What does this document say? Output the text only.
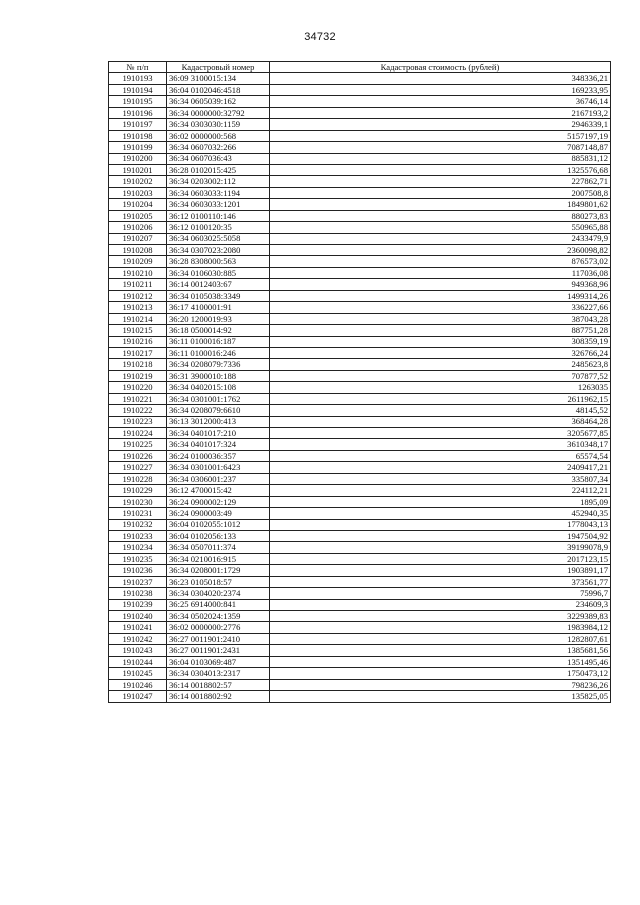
34732
№ п/п	Кадастровый номер	Кадастровая стоимость (рублей)
1910193	36:09 3100015:134	348336,21
1910194	36:04 0102046:4518	169233,95
1910195	36:34 0605039:162	36746,14
1910196	36:34 0000000:32792	2167193,2
1910197	36:34 0303030:1159	2946339,1
1910198	36:02 0000000:568	5157197,19
1910199	36:34 0607032:266	7087148,87
1910200	36:34 0607036:43	885831,12
1910201	36:28 0102015:425	1325576,68
1910202	36:34 0203002:112	227862,71
1910203	36:34 0603033:1194	2007508,8
1910204	36:34 0603033:1201	1849801,62
1910205	36:12 0100110:146	880273,83
1910206	36:12 0100120:35	550965,88
1910207	36:34 0603025:5058	2433479,9
1910208	36:34 0307023:2080	2360098,82
1910209	36:28 8308000:563	876573,02
1910210	36:34 0106030:885	117036,08
1910211	36:14 0012403:67	949368,96
1910212	36:34 0105038:3349	1499314,26
1910213	36:17 4100001:91	336227,66
1910214	36:20 1200019:93	387043,28
1910215	36:18 0500014:92	887751,28
1910216	36:11 0100016:187	308359,19
1910217	36:11 0100016:246	326766,24
1910218	36:34 0208079:7336	2485623,8
1910219	36:31 3900010:188	707877,52
1910220	36:34 0402015:108	1263035
1910221	36:34 0301001:1762	2611962,15
1910222	36:34 0208079:6610	48145,52
1910223	36:13 3012000:413	368464,28
1910224	36:34 0401017:210	3205677,85
1910225	36:34 0401017:324	3610348,17
1910226	36:24 0100036:357	65574,54
1910227	36:34 0301001:6423	2409417,21
1910228	36:34 0306001:237	335807,34
1910229	36:12 4700015:42	224112,21
1910230	36:24 0900002:129	1895,09
1910231	36:24 0900003:49	452940,35
1910232	36:04 0102055:1012	1778043,13
1910233	36:04 0102056:133	1947504,92
1910234	36:34 0507011:374	39199078,9
1910235	36:34 0210016:915	2017123,15
1910236	36:34 0208001:1729	1903891,17
1910237	36:23 0105018:57	373561,77
1910238	36:34 0304020:2374	75996,7
1910239	36:25 6914000:841	234609,3
1910240	36:34 0502024:1359	3229389,83
1910241	36:02 0000000:2776	1983984,12
1910242	36:27 0011901:2410	1282807,61
1910243	36:27 0011901:2431	1385681,56
1910244	36:04 0103069:487	1351495,46
1910245	36:34 0304013:2317	1750473,12
1910246	36:14 0018802:57	798236,26
1910247	36:14 0018802:92	135825,05
